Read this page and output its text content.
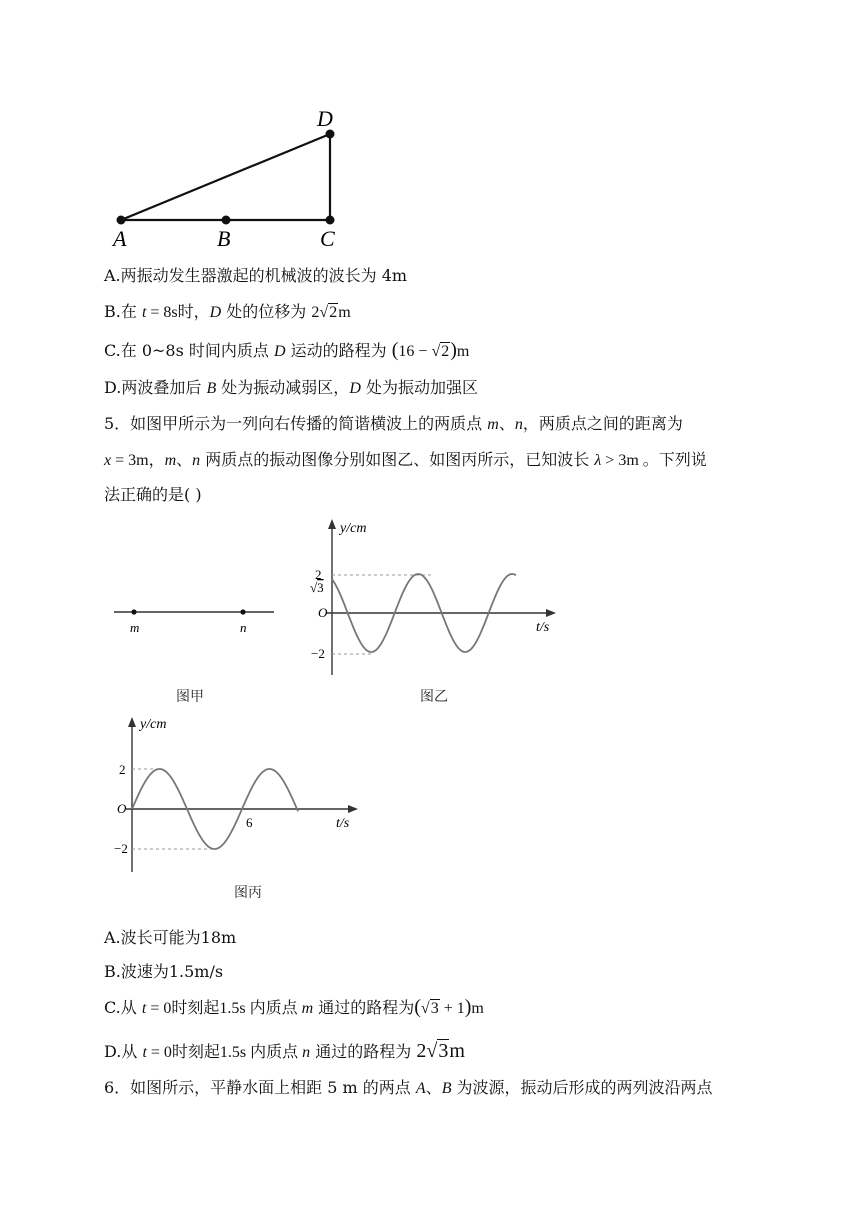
A	B	C
D
A.两振动发生器激起的机械波的波长为 4m
B.在 t = 8s时，D 处的位移为 2√2m
C.在 0~8s 时间内质点 D 运动的路程为 (16 − √2)m
D.两波叠加后 B 处为振动减弱区，D 处为振动加强区
5．如图甲所示为一列向右传播的简谐横波上的两质点 m、n，两质点之间的距离为
x = 3m，m、n 两质点的振动图像分别如图乙、如图丙所示，已知波长 λ > 3m 。下列说
法正确的是( )
m	n
图甲
y/cm
2
√3
O
−2
t/s
图乙
y/cm
2
O
−2
6	t/s
图丙
A.波长可能为18m
B.波速为1.5m/s
C.从 t = 0时刻起1.5s 内质点 m 通过的路程为(√3 + 1)m
D.从 t = 0时刻起1.5s 内质点 n 通过的路程为 2√3m
6．如图所示，平静水面上相距 5 m 的两点 A、B 为波源，振动后形成的两列波沿两点
